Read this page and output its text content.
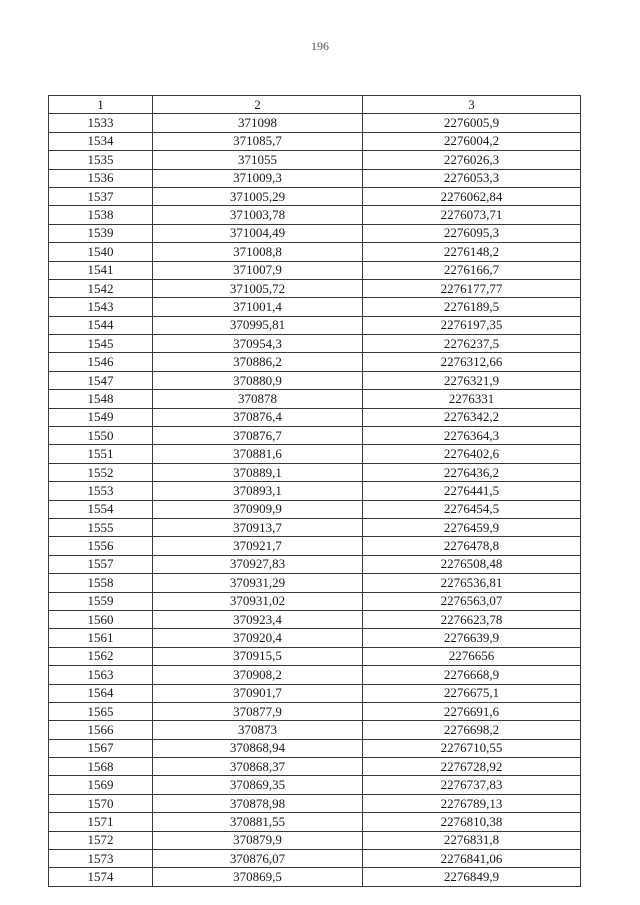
196
1	2	3
1533	371098	2276005,9
1534	371085,7	2276004,2
1535	371055	2276026,3
1536	371009,3	2276053,3
1537	371005,29	2276062,84
1538	371003,78	2276073,71
1539	371004,49	2276095,3
1540	371008,8	2276148,2
1541	371007,9	2276166,7
1542	371005,72	2276177,77
1543	371001,4	2276189,5
1544	370995,81	2276197,35
1545	370954,3	2276237,5
1546	370886,2	2276312,66
1547	370880,9	2276321,9
1548	370878	2276331
1549	370876,4	2276342,2
1550	370876,7	2276364,3
1551	370881,6	2276402,6
1552	370889,1	2276436,2
1553	370893,1	2276441,5
1554	370909,9	2276454,5
1555	370913,7	2276459,9
1556	370921,7	2276478,8
1557	370927,83	2276508,48
1558	370931,29	2276536,81
1559	370931,02	2276563,07
1560	370923,4	2276623,78
1561	370920,4	2276639,9
1562	370915,5	2276656
1563	370908,2	2276668,9
1564	370901,7	2276675,1
1565	370877,9	2276691,6
1566	370873	2276698,2
1567	370868,94	2276710,55
1568	370868,37	2276728,92
1569	370869,35	2276737,83
1570	370878,98	2276789,13
1571	370881,55	2276810,38
1572	370879,9	2276831,8
1573	370876,07	2276841,06
1574	370869,5	2276849,9
